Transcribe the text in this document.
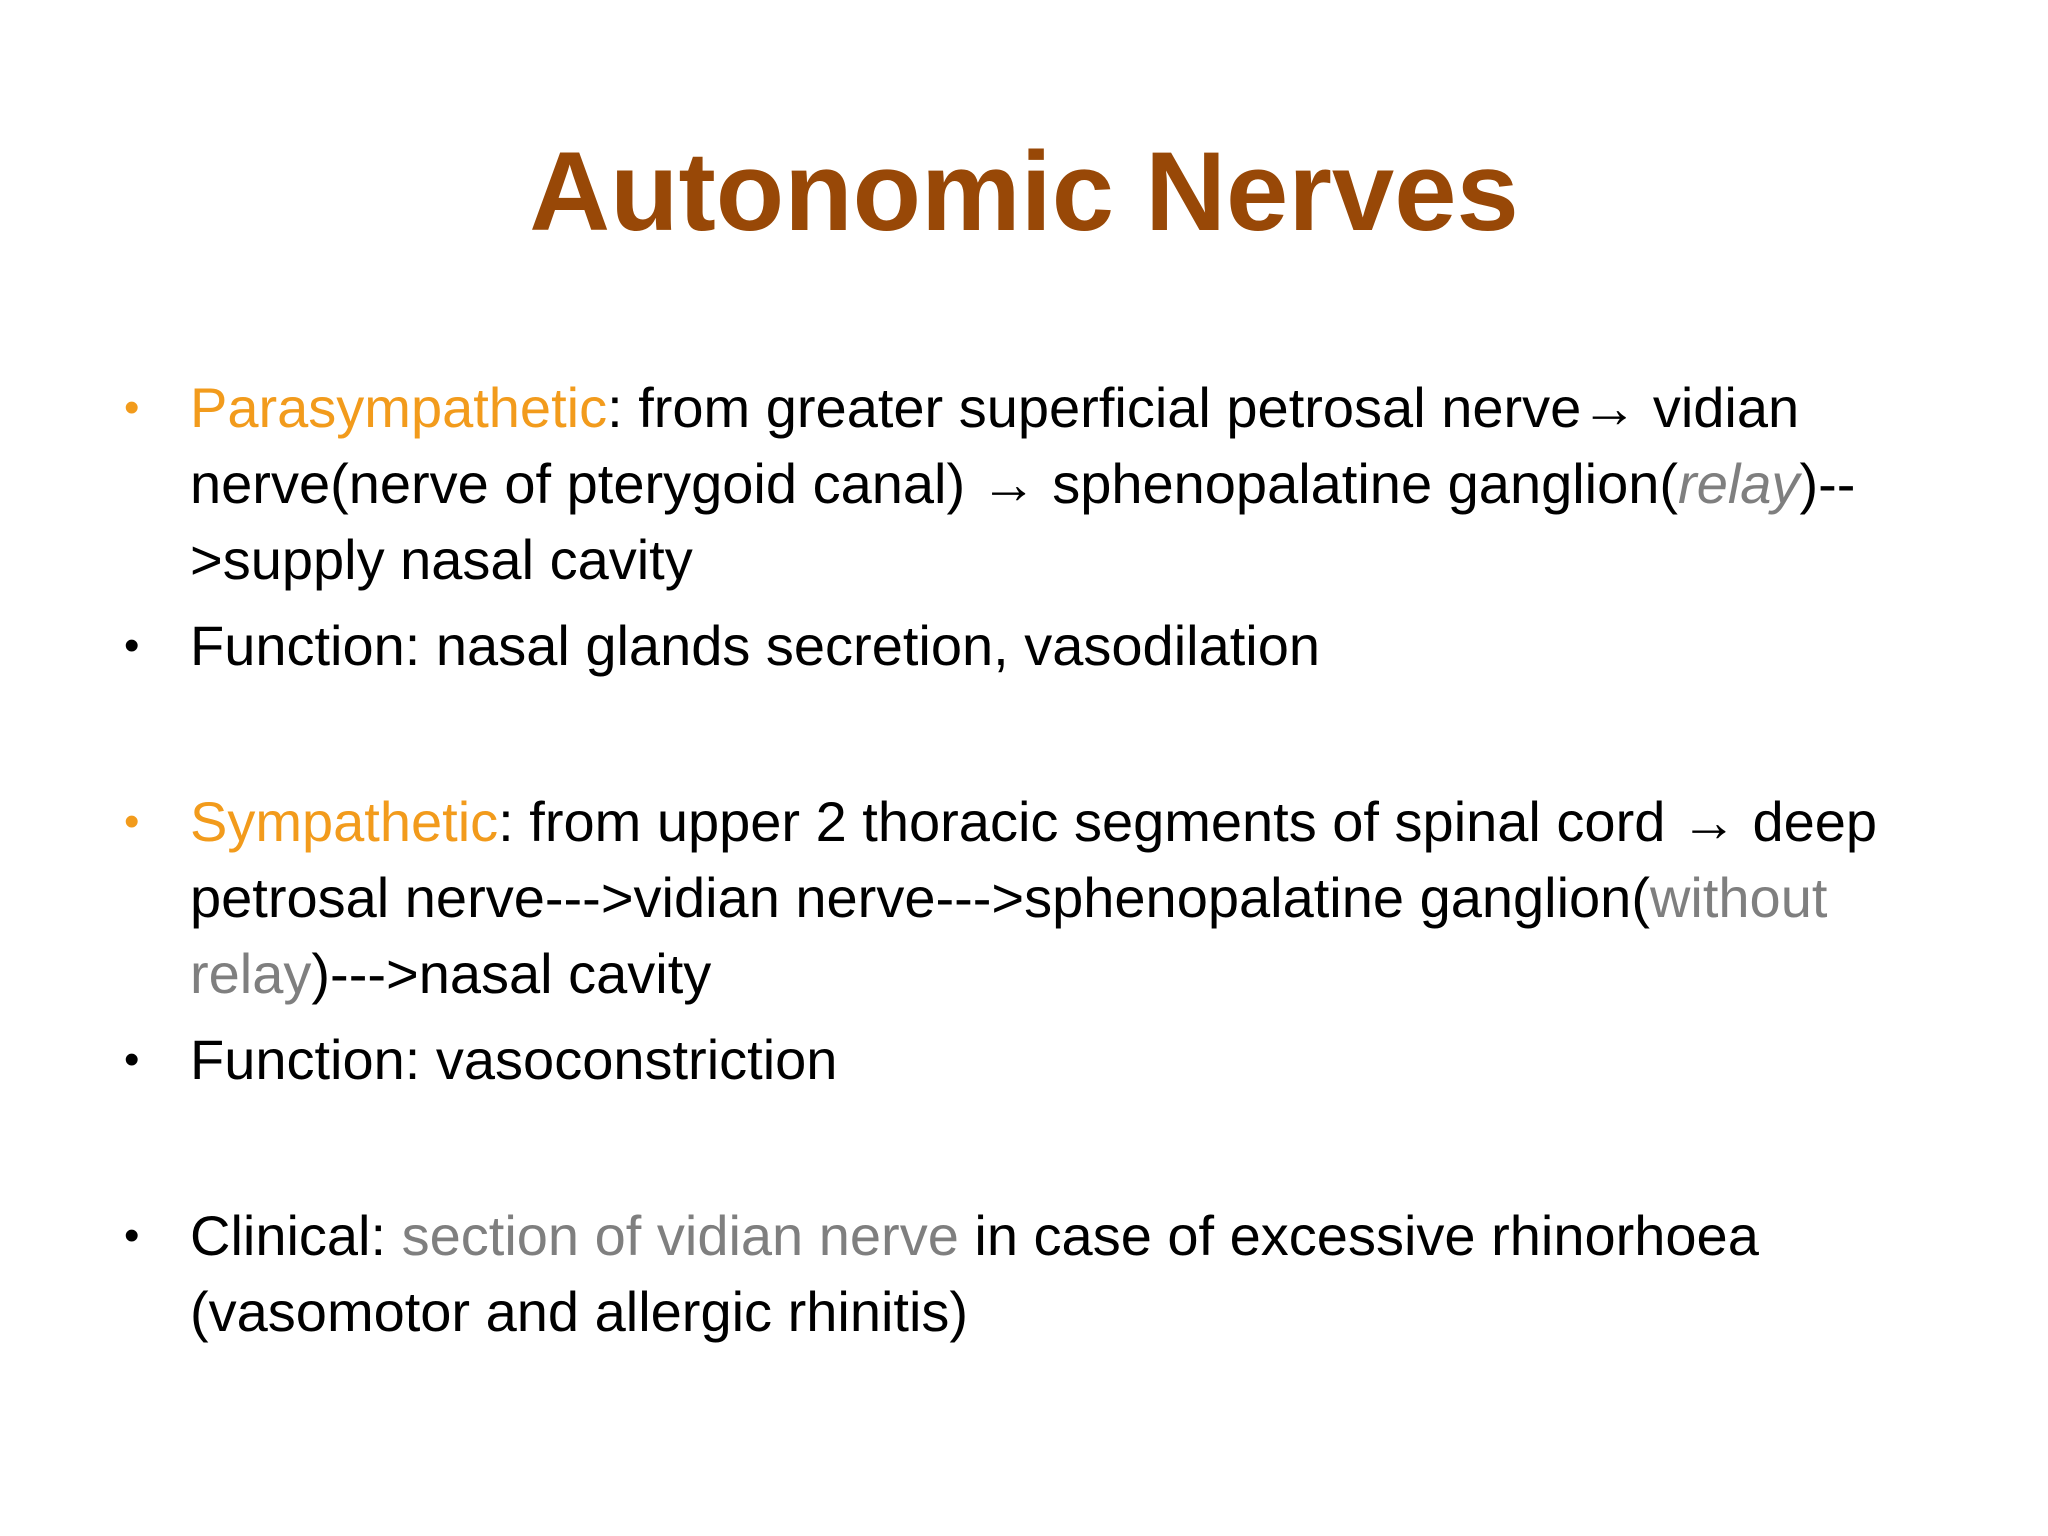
Autonomic Nerves

• Parasympathetic: from greater superficial petrosal nerve→ vidian nerve(nerve of pterygoid canal) → sphenopalatine ganglion(relay)-->supply nasal cavity

• Function: nasal glands secretion, vasodilation

• Sympathetic: from upper 2 thoracic segments of spinal cord → deep petrosal nerve--->vidian nerve--->sphenopalatine ganglion(without relay)--->nasal cavity

• Function: vasoconstriction

• Clinical: section of vidian nerve in case of excessive rhinorhoea (vasomotor and allergic rhinitis)
